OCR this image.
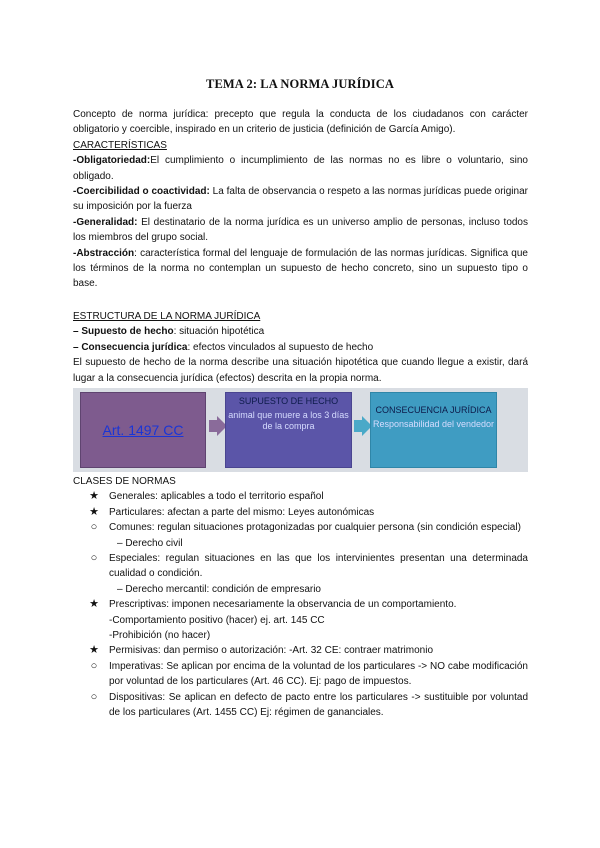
TEMA 2: LA NORMA JURÍDICA

Concepto de norma jurídica: precepto que regula la conducta de los ciudadanos con carácter obligatorio y coercible, inspirado en un criterio de justicia (definición de García Amigo).

CARACTERÍSTICAS

-Obligatoriedad:El cumplimiento o incumplimiento de las normas no es libre o voluntario, sino obligado.

-Coercibilidad o coactividad: La falta de observancia o respeto a las normas jurídicas puede originar su imposición por la fuerza

-Generalidad: El destinatario de la norma jurídica es un universo amplio de personas, incluso todos los miembros del grupo social.

-Abstracción: característica formal del lenguaje de formulación de las normas jurídicas. Significa que los términos de la norma no contemplan un supuesto de hecho concreto, sino un supuesto tipo o base.

ESTRUCTURA DE LA NORMA JURÍDICA

– Supuesto de hecho: situación hipotética

– Consecuencia jurídica: efectos vinculados al supuesto de hecho

El supuesto de hecho de la norma describe una situación hipotética que cuando llegue a existir, dará lugar a la consecuencia jurídica (efectos) descrita en la propia norma.

Art. 1497 CC
SUPUESTO DE HECHO
animal que muere a los 3 días de la compra
CONSECUENCIA JURÍDICA
Responsabilidad del vendedor
CLASES DE NORMAS
★ Generales: aplicables a todo el territorio español
★ Particulares: afectan a parte del mismo: Leyes autonómicas
○	Comunes: regulan situaciones protagonizadas por cualquier persona (sin condición especial)
– Derecho civil
○	Especiales: regulan situaciones en las que los intervinientes presentan una determinada cualidad o condición.
– Derecho mercantil: condición de empresario
★ Prescriptivas: imponen necesariamente la observancia de un comportamiento.
-Comportamiento positivo (hacer) ej. art. 145 CC
-Prohibición (no hacer)
★ Permisivas: dan permiso o autorización: -Art. 32 CE: contraer matrimonio
○	Imperativas: Se aplican por encima de la voluntad de los particulares -> NO cabe modificación por voluntad de los particulares (Art. 46 CC). Ej: pago de impuestos.
○	Dispositivas: Se aplican en defecto de pacto entre los particulares -> sustituible por voluntad de los particulares (Art. 1455 CC) Ej: régimen de gananciales.
